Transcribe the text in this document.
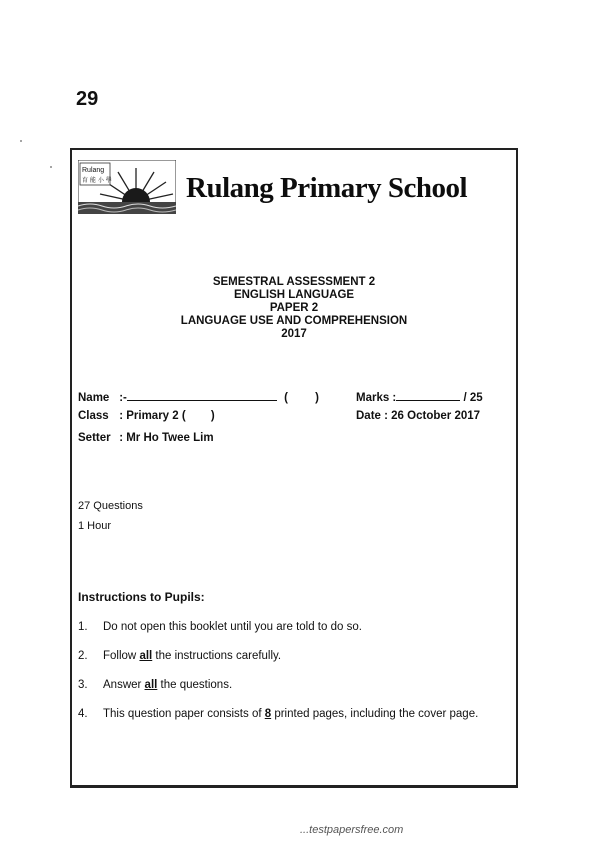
29
Rulang
育 能 小 學	Rulang Primary School
SEMESTRAL ASSESSMENT 2
ENGLISH LANGUAGE
PAPER 2
LANGUAGE USE AND COMPREHENSION
2017
Name :-	( )	Marks :	/ 25
Class : Primary 2 ( )	Date : 26 October 2017
Setter : Mr Ho Twee Lim
27 Questions
1 Hour
Instructions to Pupils:
1.	Do not open this booklet until you are told to do so.
2.	Follow all the instructions carefully.
3.	Answer all the questions.
4.	This question paper consists of 8 printed pages, including the cover page.
...testpapersfree.com
